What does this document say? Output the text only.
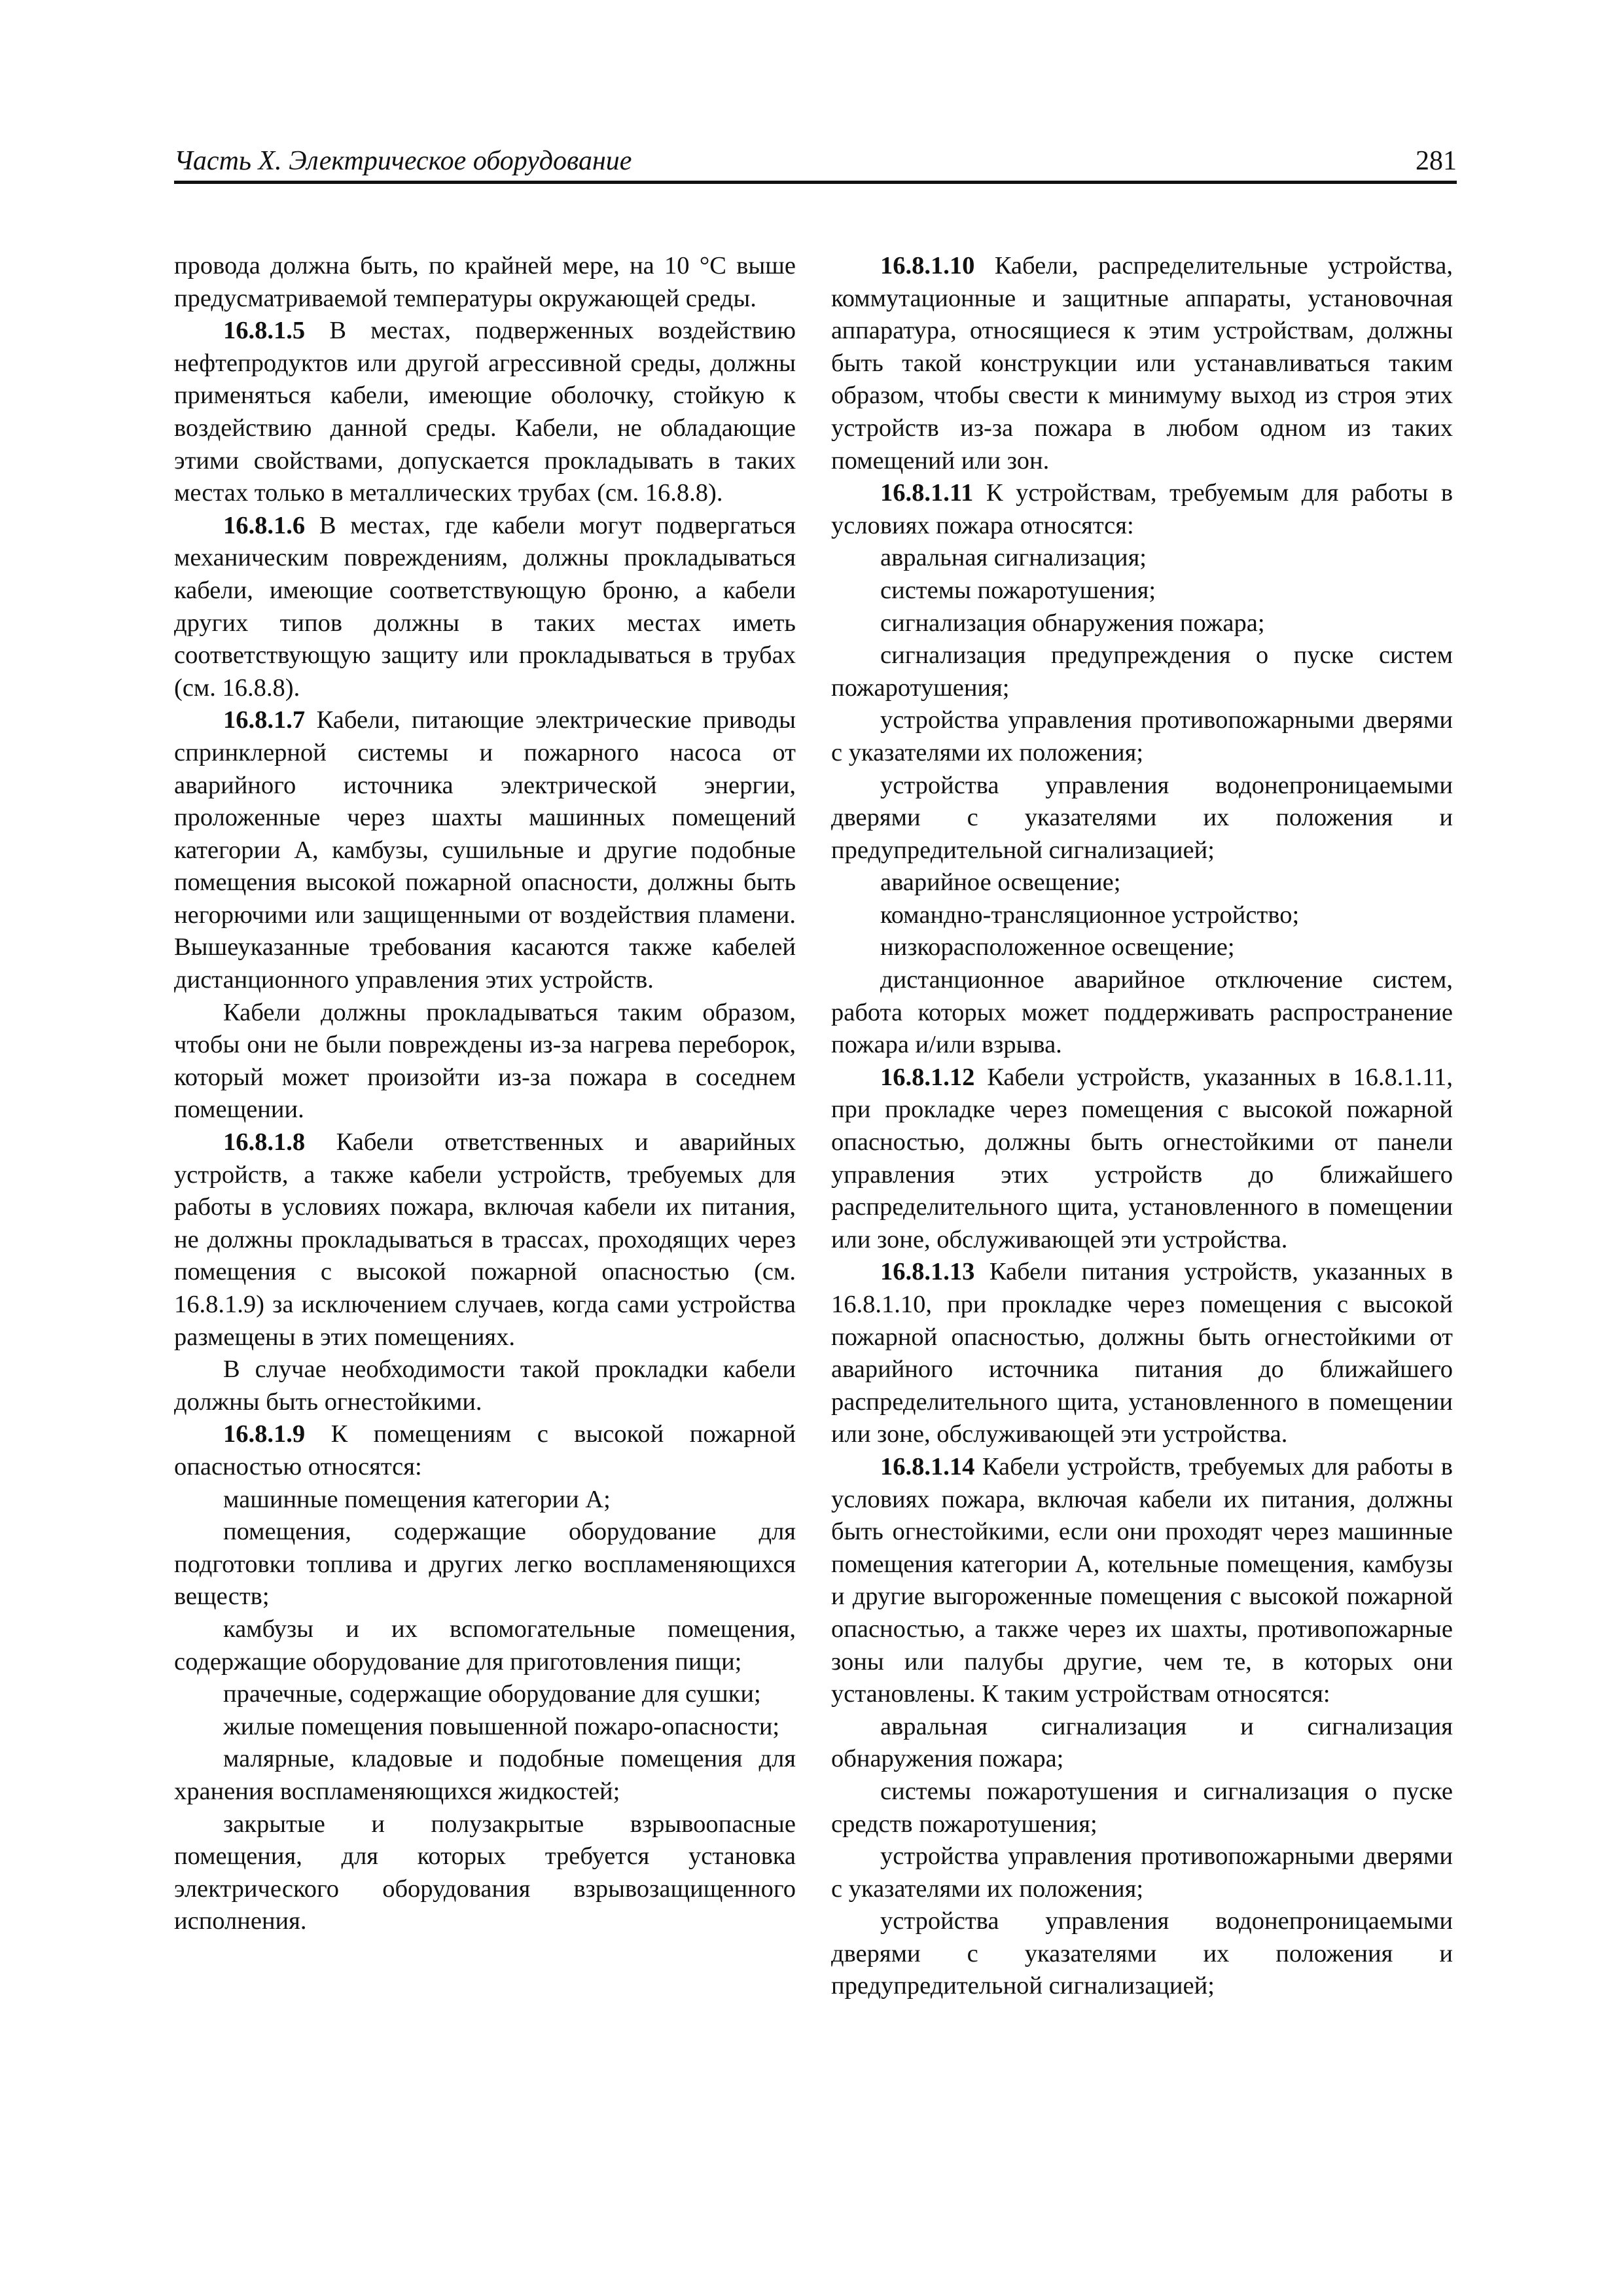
Часть X. Электрическое оборудование	281

провода должна быть, по крайней мере, на 10 °С выше предусматриваемой температуры окружающей среды.

16.8.1.5 В местах, подверженных воздействию нефтепродуктов или другой агрессивной среды, должны применяться кабели, имеющие оболочку, стойкую к воздействию данной среды. Кабели, не обладающие этими свойствами, допускается прокладывать в таких местах только в металлических трубах (см. 16.8.8).

16.8.1.6 В местах, где кабели могут подвергаться механическим повреждениям, должны прокладываться кабели, имеющие соответствующую броню, а кабели других типов должны в таких местах иметь соответствующую защиту или прокладываться в трубах (см. 16.8.8).

16.8.1.7 Кабели, питающие электрические приводы спринклерной системы и пожарного насоса от аварийного источника электрической энергии, проложенные через шахты машинных помещений категории А, камбузы, сушильные и другие подобные помещения высокой пожарной опасности, должны быть негорючими или защищенными от воздействия пламени. Вышеуказанные требования касаются также кабелей дистанционного управления этих устройств.

Кабели должны прокладываться таким образом, чтобы они не были повреждены из-за нагрева переборок, который может произойти из-за пожара в соседнем помещении.

16.8.1.8 Кабели ответственных и аварийных устройств, а также кабели устройств, требуемых для работы в условиях пожара, включая кабели их питания, не должны прокладываться в трассах, проходящих через помещения с высокой пожарной опасностью (см. 16.8.1.9) за исключением случаев, когда сами устройства размещены в этих помещениях.

В случае необходимости такой прокладки кабели должны быть огнестойкими.

16.8.1.9 К помещениям с высокой пожарной опасностью относятся:

машинные помещения категории А;

помещения, содержащие оборудование для подготовки топлива и других легко воспламеняющихся веществ;

камбузы и их вспомогательные помещения, содержащие оборудование для приготовления пищи;

прачечные, содержащие оборудование для сушки;

жилые помещения повышенной пожаро-опасности;

малярные, кладовые и подобные помещения для хранения воспламеняющихся жидкостей;

закрытые и полузакрытые взрывоопасные помещения, для которых требуется установка электрического оборудования взрывозащищенного исполнения.

16.8.1.10 Кабели, распределительные устройства, коммутационные и защитные аппараты, установочная аппаратура, относящиеся к этим устройствам, должны быть такой конструкции или устанавливаться таким образом, чтобы свести к минимуму выход из строя этих устройств из-за пожара в любом одном из таких помещений или зон.

16.8.1.11 К устройствам, требуемым для работы в условиях пожара относятся:

авральная сигнализация;

системы пожаротушения;

сигнализация обнаружения пожара;

сигнализация предупреждения о пуске систем пожаротушения;

устройства управления противопожарными дверями с указателями их положения;

устройства управления водонепроницаемыми дверями с указателями их положения и предупредительной сигнализацией;

аварийное освещение;

командно-трансляционное устройство;

низкорасположенное освещение;

дистанционное аварийное отключение систем, работа которых может поддерживать распространение пожара и/или взрыва.

16.8.1.12 Кабели устройств, указанных в 16.8.1.11, при прокладке через помещения с высокой пожарной опасностью, должны быть огнестойкими от панели управления этих устройств до ближайшего распределительного щита, установленного в помещении или зоне, обслуживающей эти устройства.

16.8.1.13 Кабели питания устройств, указанных в 16.8.1.10, при прокладке через помещения с высокой пожарной опасностью, должны быть огнестойкими от аварийного источника питания до ближайшего распределительного щита, установленного в помещении или зоне, обслуживающей эти устройства.

16.8.1.14 Кабели устройств, требуемых для работы в условиях пожара, включая кабели их питания, должны быть огнестойкими, если они проходят через машинные помещения категории А, котельные помещения, камбузы и другие выгороженные помещения с высокой пожарной опасностью, а также через их шахты, противопожарные зоны или палубы другие, чем те, в которых они установлены. К таким устройствам относятся:

авральная сигнализация и сигнализация обнаружения пожара;

системы пожаротушения и сигнализация о пуске средств пожаротушения;

устройства управления противопожарными дверями с указателями их положения;

устройства управления водонепроницаемыми дверями с указателями их положения и предупредительной сигнализацией;
